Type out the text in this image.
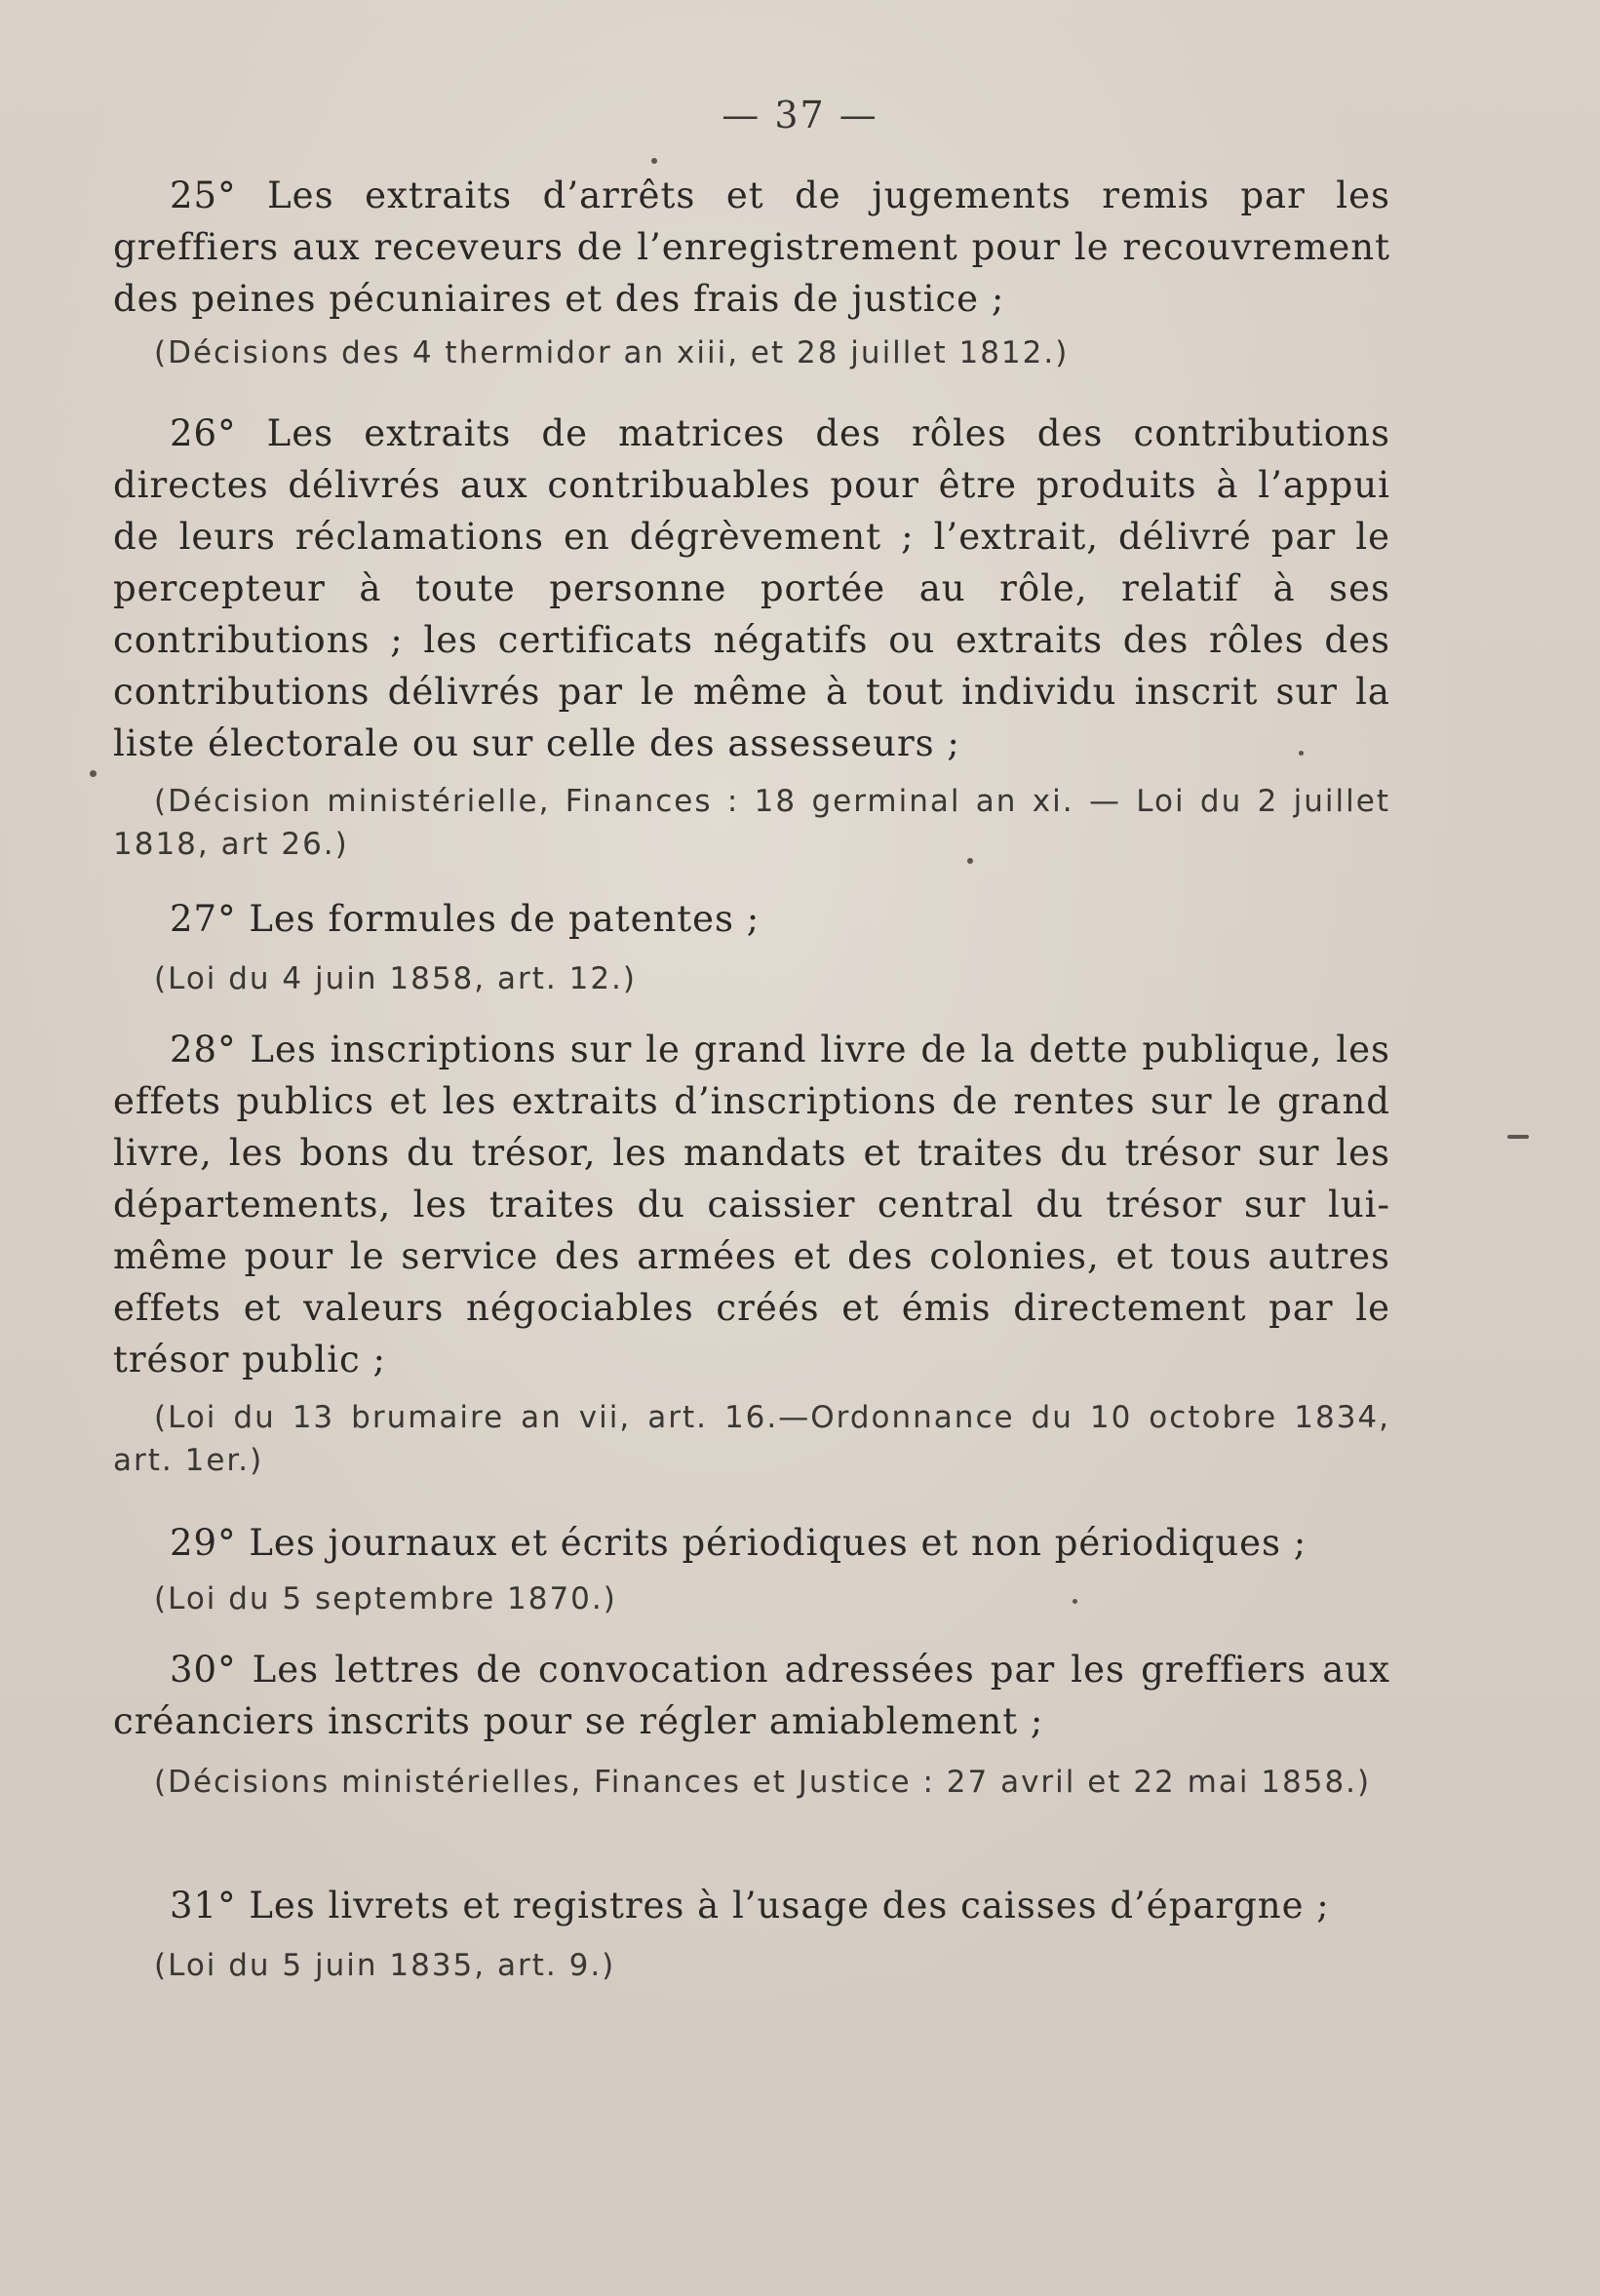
— 37 —
25° Les extraits d’arrêts et de jugements remis par les greffiers aux receveurs de l’enregistrement pour le recouvrement des peines pécuniaires et des frais de justice ;
(Décisions des 4 thermidor an xiii, et 28 juillet 1812.)
26° Les extraits de matrices des rôles des contributions directes délivrés aux contribuables pour être produits à l’appui de leurs réclamations en dégrèvement ; l’extrait, délivré par le percepteur à toute personne portée au rôle, relatif à ses contributions ; les certificats négatifs ou extraits des rôles des contributions délivrés par le même à tout individu inscrit sur la liste électorale ou sur celle des assesseurs ;
(Décision ministérielle, Finances : 18 germinal an xi. — Loi du 2 juillet 1818, art 26.)
27° Les formules de patentes ;
(Loi du 4 juin 1858, art. 12.)
28° Les inscriptions sur le grand livre de la dette publique, les effets publics et les extraits d’inscriptions de rentes sur le grand livre, les bons du trésor, les mandats et traites du trésor sur les départements, les traites du caissier central du trésor sur lui-même pour le service des armées et des colonies, et tous autres effets et valeurs négociables créés et émis directement par le trésor public ;
(Loi du 13 brumaire an vii, art. 16.—Ordonnance du 10 octobre 1834, art. 1er.)
29° Les journaux et écrits périodiques et non périodiques ;
(Loi du 5 septembre 1870.)
30° Les lettres de convocation adressées par les greffiers aux créanciers inscrits pour se régler amiablement ;
(Décisions ministérielles, Finances et Justice : 27 avril et 22 mai 1858.)
31° Les livrets et registres à l’usage des caisses d’épargne ;
(Loi du 5 juin 1835, art. 9.)
